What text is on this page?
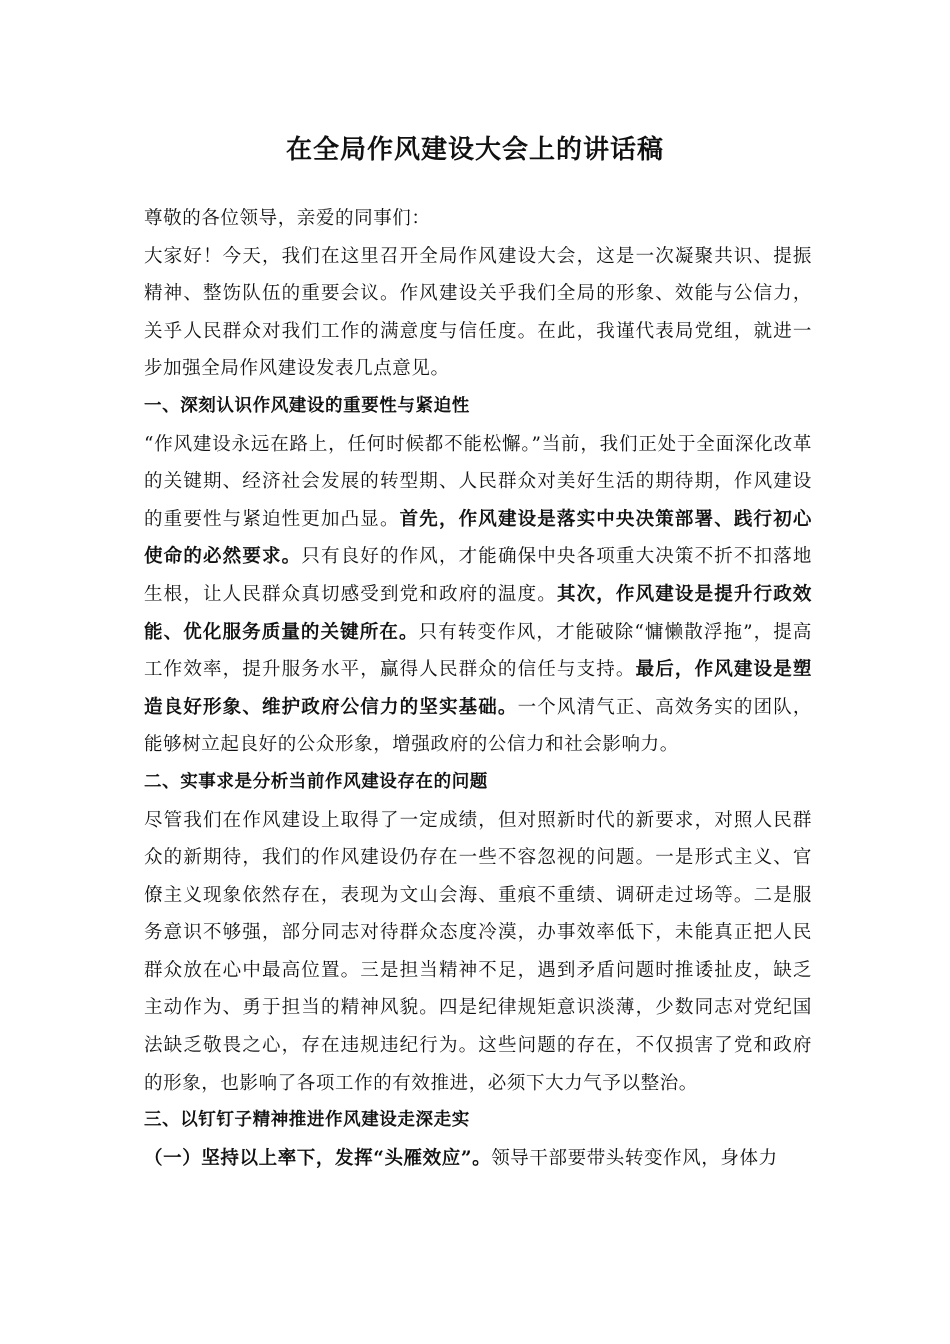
在全局作风建设大会上的讲话稿

尊敬的各位领导，亲爱的同事们：

大家好！今天，我们在这里召开全局作风建设大会，这是一次凝聚共识、提振精神、整饬队伍的重要会议。作风建设关乎我们全局的形象、效能与公信力，关乎人民群众对我们工作的满意度与信任度。在此，我谨代表局党组，就进一步加强全局作风建设发表几点意见。

一、深刻认识作风建设的重要性与紧迫性

“作风建设永远在路上，任何时候都不能松懈。”当前，我们正处于全面深化改革的关键期、经济社会发展的转型期、人民群众对美好生活的期待期，作风建设的重要性与紧迫性更加凸显。首先，作风建设是落实中央决策部署、践行初心使命的必然要求。只有良好的作风，才能确保中央各项重大决策不折不扣落地生根，让人民群众真切感受到党和政府的温度。其次，作风建设是提升行政效能、优化服务质量的关键所在。只有转变作风，才能破除“慵懒散浮拖”，提高工作效率，提升服务水平，赢得人民群众的信任与支持。最后，作风建设是塑造良好形象、维护政府公信力的坚实基础。一个风清气正、高效务实的团队，能够树立起良好的公众形象，增强政府的公信力和社会影响力。

二、实事求是分析当前作风建设存在的问题

尽管我们在作风建设上取得了一定成绩，但对照新时代的新要求，对照人民群众的新期待，我们的作风建设仍存在一些不容忽视的问题。一是形式主义、官僚主义现象依然存在，表现为文山会海、重痕不重绩、调研走过场等。二是服务意识不够强，部分同志对待群众态度冷漠，办事效率低下，未能真正把人民群众放在心中最高位置。三是担当精神不足，遇到矛盾问题时推诿扯皮，缺乏主动作为、勇于担当的精神风貌。四是纪律规矩意识淡薄，少数同志对党纪国法缺乏敬畏之心，存在违规违纪行为。这些问题的存在，不仅损害了党和政府的形象，也影响了各项工作的有效推进，必须下大力气予以整治。

三、以钉钉子精神推进作风建设走深走实

（一）坚持以上率下，发挥“头雁效应”。领导干部要带头转变作风，身体力
